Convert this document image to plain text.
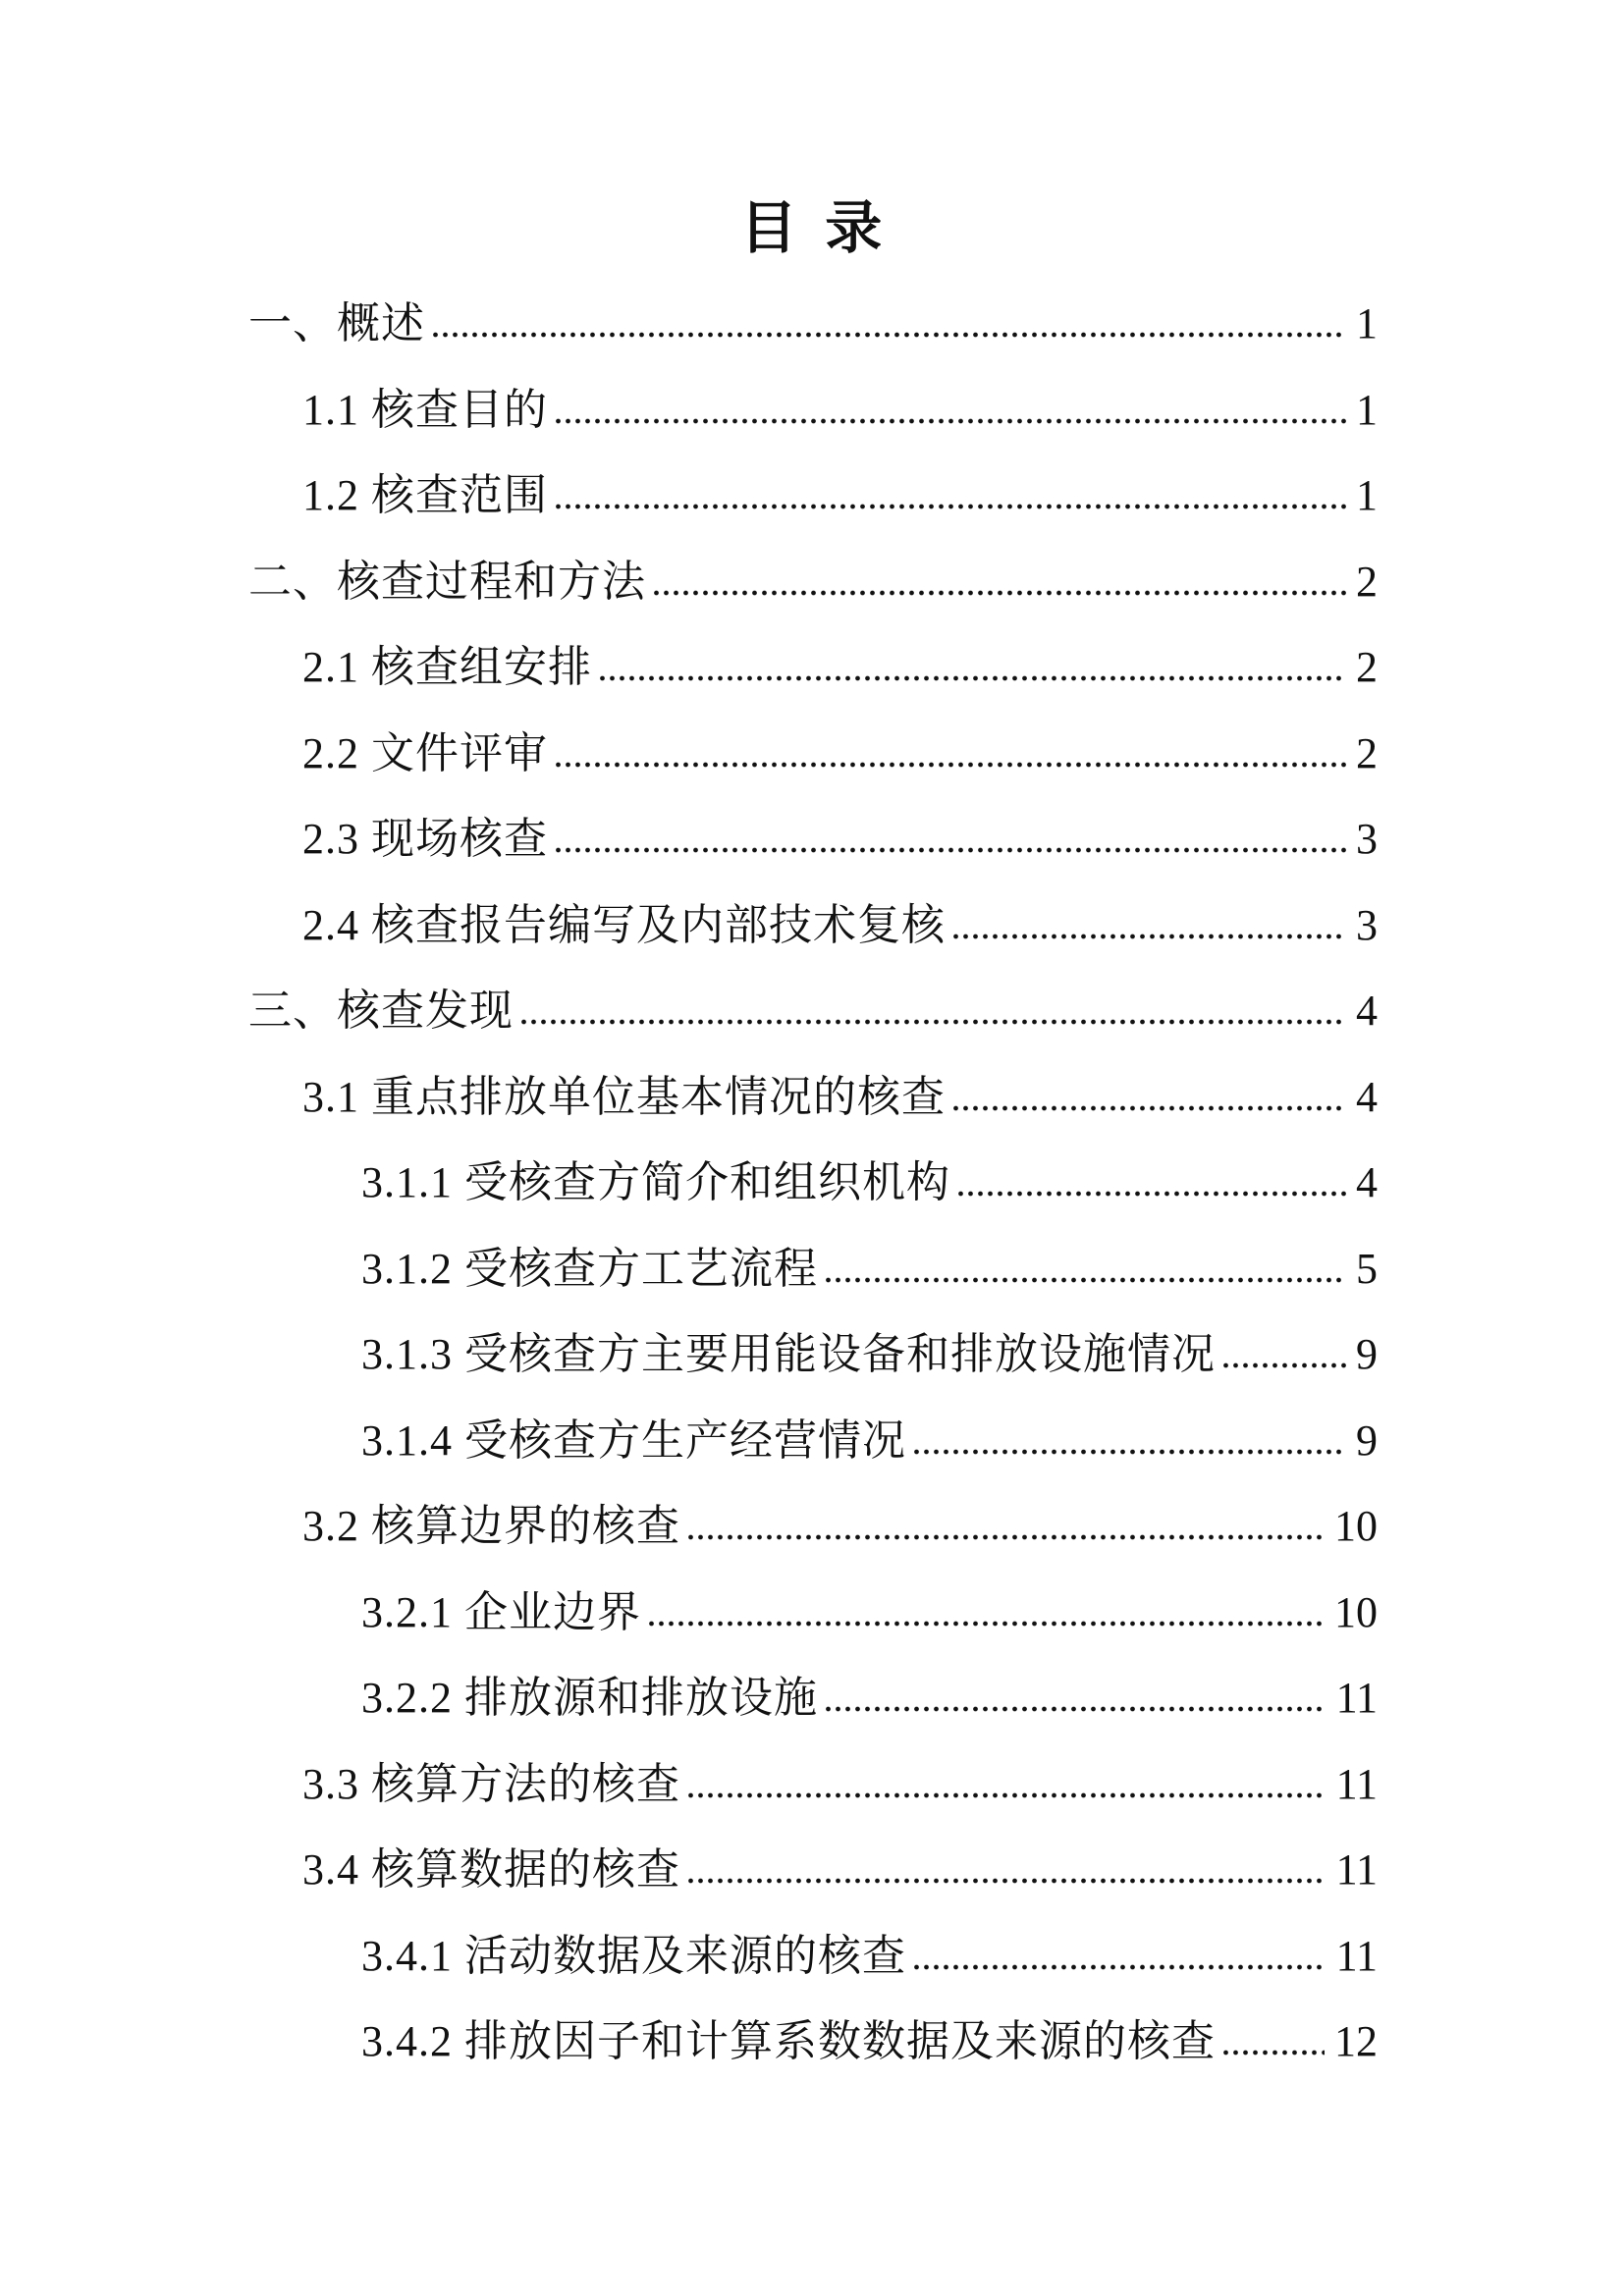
目 录
一、概述	1
1.1 核查目的	1
1.2 核查范围	1
二、核查过程和方法	2
2.1 核查组安排	2
2.2 文件评审	2
2.3 现场核查	3
2.4 核查报告编写及内部技术复核	3
三、核查发现	4
3.1 重点排放单位基本情况的核查	4
3.1.1 受核查方简介和组织机构	4
3.1.2 受核查方工艺流程	5
3.1.3 受核查方主要用能设备和排放设施情况	9
3.1.4 受核查方生产经营情况	9
3.2 核算边界的核查	10
3.2.1 企业边界	10
3.2.2 排放源和排放设施	11
3.3 核算方法的核查	11
3.4 核算数据的核查	11
3.4.1 活动数据及来源的核查	11
3.4.2 排放因子和计算系数数据及来源的核查	12
